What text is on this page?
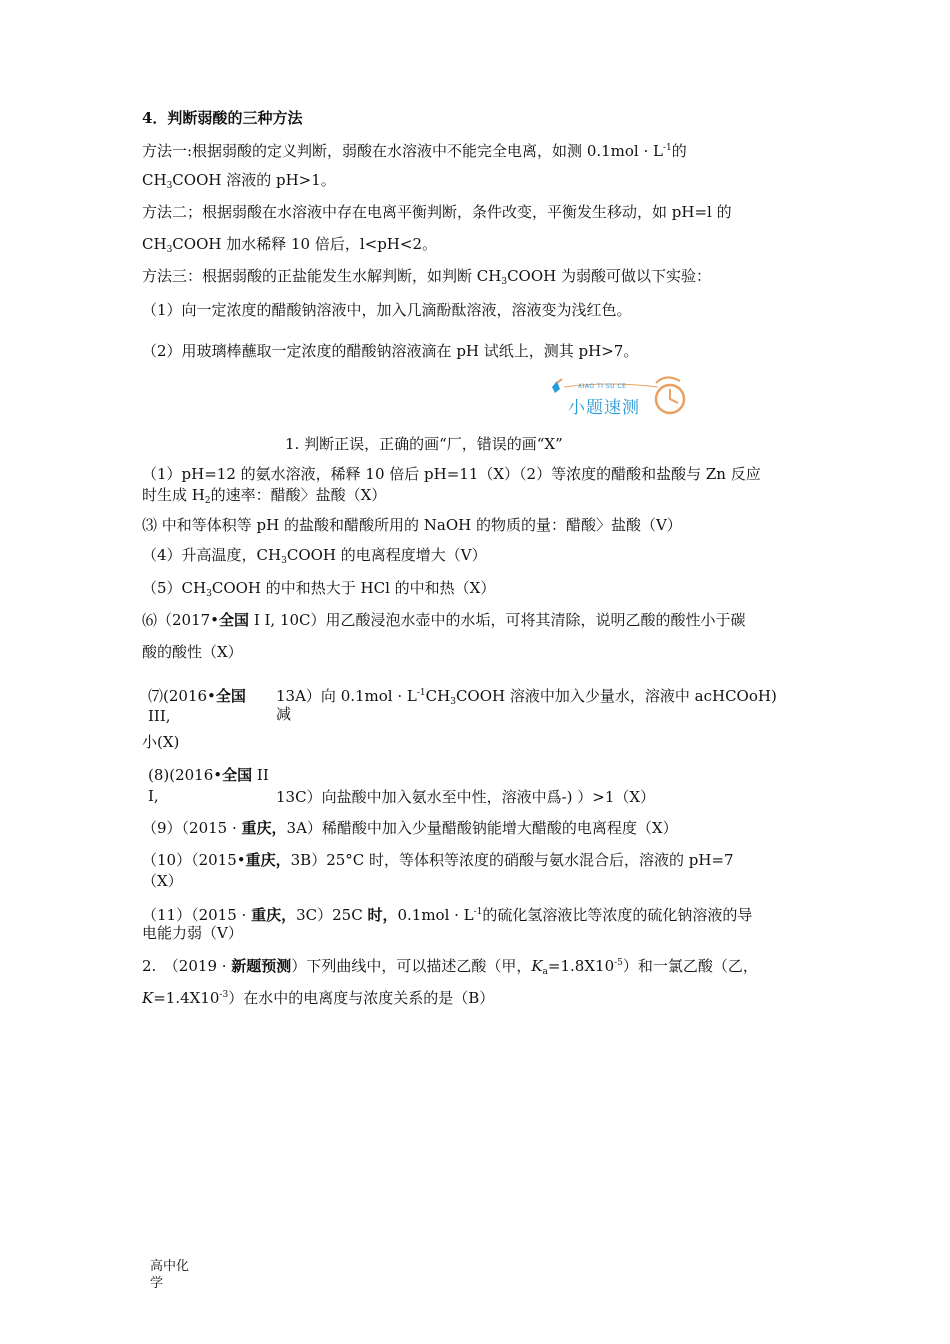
4．判断弱酸的三种方法
方法一:根据弱酸的定义判断，弱酸在水溶液中不能完全电离，如测 $0.1mol \cdot L^{-1}$的
$CH_3COOH$ 溶液的 pH>1。
方法二；根据弱酸在水溶液中存在电离平衡判断，条件改变，平衡发生移动，如 pH=l 的
$CH_3COOH$ 加水稀释 10 倍后，l<pH<2。
方法三：根据弱酸的正盐能发生水解判断，如判断 $CH_3COOH$ 为弱酸可做以下实验：
（1）向一定浓度的醋酸钠溶液中，加入几滴酚酞溶液，溶液变为浅红色。
（2）用玻璃棒蘸取一定浓度的醋酸钠溶液滴在 pH 试纸上，测其 pH>7。
XIAO TI SU CE
小题速测
1. 判断正误，正确的画“厂，错误的画“X”
（1）pH=12 的氨水溶液，稀释 10 倍后 pH=11（X）（2）等浓度的醋酸和盐酸与 Zn 反应
时生成 $H_2$的速率：醋酸〉盐酸（X）
⑶ 中和等体积等 pH 的盐酸和醋酸所用的 NaOH 的物质的量：醋酸〉盐酸（V）
（4）升高温度，$CH_3COOH$ 的电离程度增大（V）
$(5)CH_3COOH$ 的中和热大于 HCl 的中和热（X）
⑹（2017•全国 I I, 10C）用乙酸浸泡水壶中的水垢，可将其清除，说明乙酸的酸性小于碳
酸的酸性（X）
⑺(2016•全国
III,
小(X)
13A）向 $0.1mol \cdot L^{-1}CH_3COOH$ 溶液中加入少量水，溶液中 acHCOoH)
减
(8)(2016•全国 II
I,	13C）向盐酸中加入氨水至中性，溶液中爲-) ）>1（X）
（9）（2015 · 重庆，3A）稀醋酸中加入少量醋酸钠能增大醋酸的电离程度（X）
（10）（2015•重庆，3B）25°C 时，等体积等浓度的硝酸与氨水混合后，溶液的 pH=7
（X）
（11）（2015 · 重庆，3C）25C 时，$0.1mol \cdot L^{-1}$的硫化氢溶液比等浓度的硫化钠溶液的导
电能力弱（V）
2.　（2019 · 新题预测）下列曲线中，可以描述乙酸（甲，$K_a=1.8X10^{-5}$）和一氯乙酸（乙，
$K=1.4X10^{-3}$）在水中的电离度与浓度关系的是（B）
高中化
学
